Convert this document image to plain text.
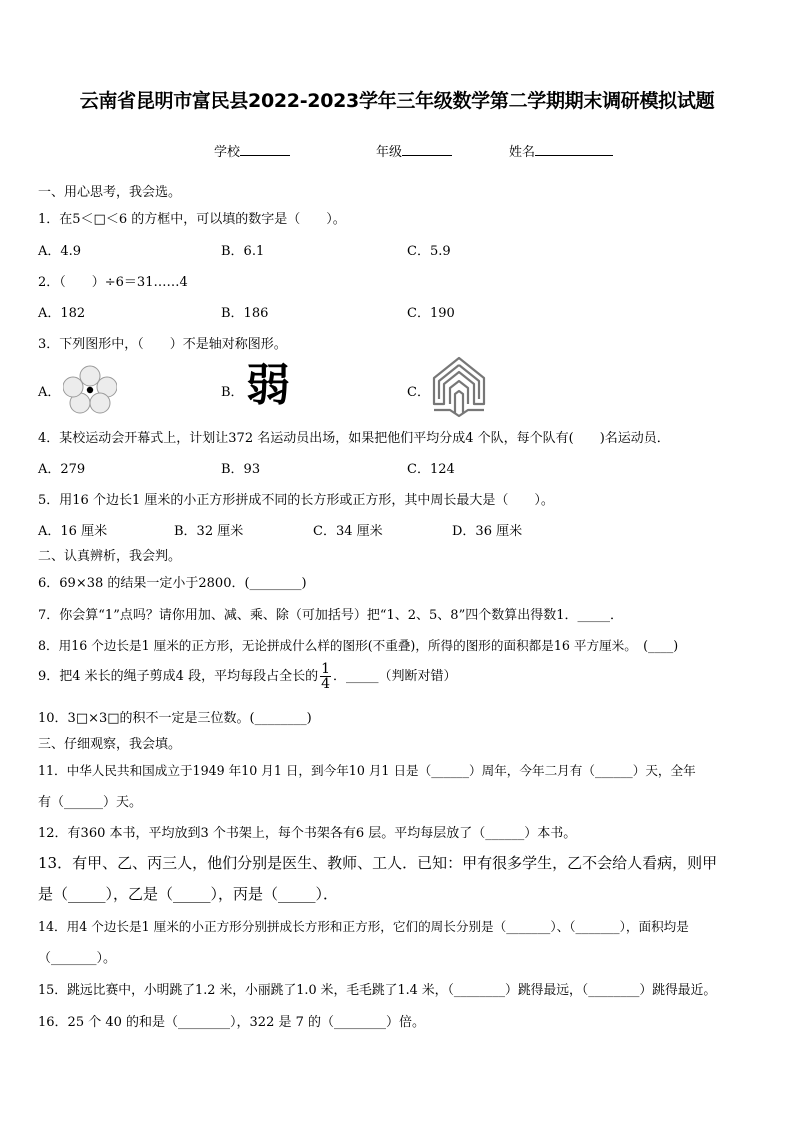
云南省昆明市富民县2022-2023学年三年级数学第二学期期末调研模拟试题
学校	年级	姓名
一、用心思考，我会选。
1．在5＜□＜6 的方框中，可以填的数字是（　　）。
A．4.9	B．6.1	C．5.9
2．（　　）÷6＝31……4
A．182	B．186	C．190
3．下列图形中，（　　）不是轴对称图形。
A．	B． 弱	C．
4．某校运动会开幕式上，计划让372 名运动员出场，如果把他们平均分成4 个队，每个队有(　　)名运动员．
A．279	B．93	C．124
5．用16 个边长1 厘米的小正方形拼成不同的长方形或正方形，其中周长最大是（　　）。
A．16 厘米	B．32 厘米	C．34 厘米	D．36 厘米
二、认真辨析，我会判。
6．69×38 的结果一定小于2800．(________)
7．你会算“1”点吗？请你用加、减、乘、除（可加括号）把“1、2、5、8”四个数算出得数1．_____．
8．用16 个边长是1 厘米的正方形，无论拼成什么样的图形(不重叠)，所得的图形的面积都是16 平方厘米。　(____)
9．把4 米长的绳子剪成4 段，平均每段占全长的 $\frac{1}{4}$ ．_____（判断对错）
10．3□×3□的积不一定是三位数。(________)
三、仔细观察，我会填。
11．中华人民共和国成立于1949 年10 月1 日，到今年10 月1 日是（______）周年，今年二月有（______）天，全年
有（______）天。
12．有360 本书，平均放到3 个书架上，每个书架各有6 层。平均每层放了（______）本书。
13．有甲、乙、丙三人，他们分别是医生、教师、工人．已知：甲有很多学生，乙不会给人看病，则甲
是（_____），乙是（_____），丙是（_____）．
14．用4 个边长是1 厘米的小正方形分别拼成长方形和正方形，它们的周长分别是（_______）、（_______），面积均是
（_______）。
15．跳远比赛中，小明跳了1.2 米，小丽跳了1.0 米，毛毛跳了1.4 米，（________）跳得最远，（________）跳得最近。
16．25 个 40 的和是（________），322 是 7 的（________）倍。
